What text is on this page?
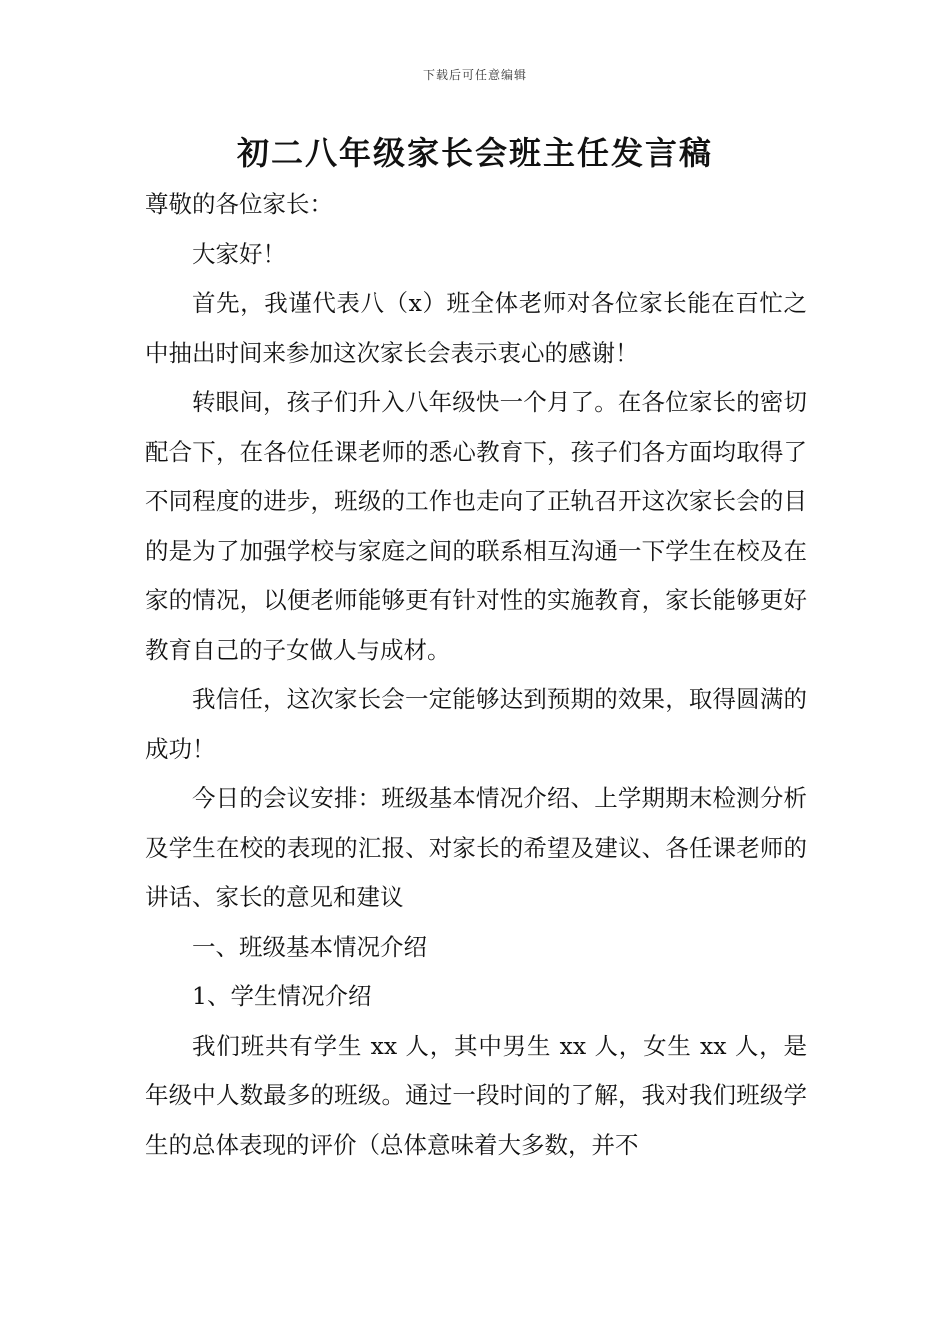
下载后可任意编辑
初二八年级家长会班主任发言稿

尊敬的各位家长：

大家好！

首先，我谨代表八（x）班全体老师对各位家长能在百忙之中抽出时间来参加这次家长会表示衷心的感谢！

转眼间，孩子们升入八年级快一个月了。在各位家长的密切配合下，在各位任课老师的悉心教育下，孩子们各方面均取得了不同程度的进步，班级的工作也走向了正轨召开这次家长会的目的是为了加强学校与家庭之间的联系相互沟通一下学生在校及在家的情况，以便老师能够更有针对性的实施教育，家长能够更好教育自己的子女做人与成材。

我信任，这次家长会一定能够达到预期的效果，取得圆满的成功！

今日的会议安排：班级基本情况介绍、上学期期末检测分析及学生在校的表现的汇报、对家长的希望及建议、各任课老师的讲话、家长的意见和建议

一、班级基本情况介绍

1、学生情况介绍

我们班共有学生 xx 人，其中男生 xx 人，女生 xx 人，是年级中人数最多的班级。通过一段时间的了解，我对我们班级学生的总体表现的评价（总体意味着大多数，并不
